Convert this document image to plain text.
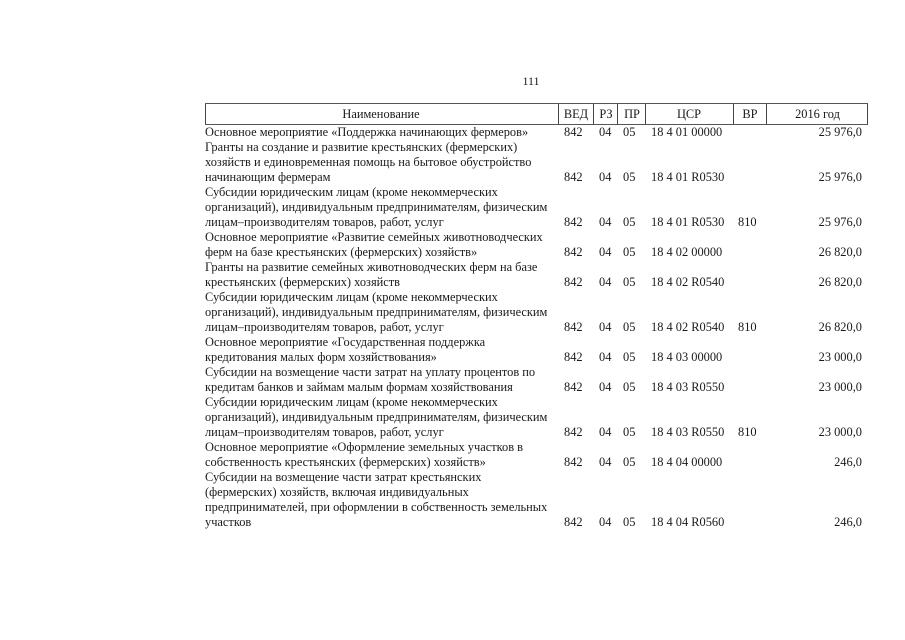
111
Наименование	ВЕД РЗ ПР	ЦСР	ВР	2016 год
Основное мероприятие «Поддержка начинающих фермеров»	842 04 05 18 4 01 00000	25 976,0
Гранты на создание и развитие крестьянских (фермерских) хозяйств и единовременная помощь на бытовое обустройство начинающим фермерам	842 04 05 18 4 01 R0530	25 976,0
Субсидии юридическим лицам (кроме некоммерческих организаций), индивидуальным предпринимателям, физическим лицам–производителям товаров, работ, услуг	842 04 05 18 4 01 R0530 810	25 976,0
Основное мероприятие «Развитие семейных животноводческих ферм на базе крестьянских (фермерских) хозяйств»	842 04 05 18 4 02 00000	26 820,0
Гранты на развитие семейных животноводческих ферм на базе крестьянских (фермерских) хозяйств	842 04 05 18 4 02 R0540	26 820,0
Субсидии юридическим лицам (кроме некоммерческих организаций), индивидуальным предпринимателям, физическим лицам–производителям товаров, работ, услуг	842 04 05 18 4 02 R0540 810	26 820,0
Основное мероприятие «Государственная поддержка кредитования малых форм хозяйствования»	842 04 05 18 4 03 00000	23 000,0
Субсидии на возмещение части затрат на уплату процентов по кредитам банков и займам малым формам хозяйствования	842 04 05 18 4 03 R0550	23 000,0
Субсидии юридическим лицам (кроме некоммерческих организаций), индивидуальным предпринимателям, физическим лицам–производителям товаров, работ, услуг	842 04 05 18 4 03 R0550 810	23 000,0
Основное мероприятие «Оформление земельных участков в собственность крестьянских (фермерских) хозяйств»	842 04 05 18 4 04 00000	246,0
Субсидии на возмещение части затрат крестьянских (фермерских) хозяйств, включая индивидуальных предпринимателей, при оформлении в собственность земельных участков	842 04 05 18 4 04 R0560	246,0
